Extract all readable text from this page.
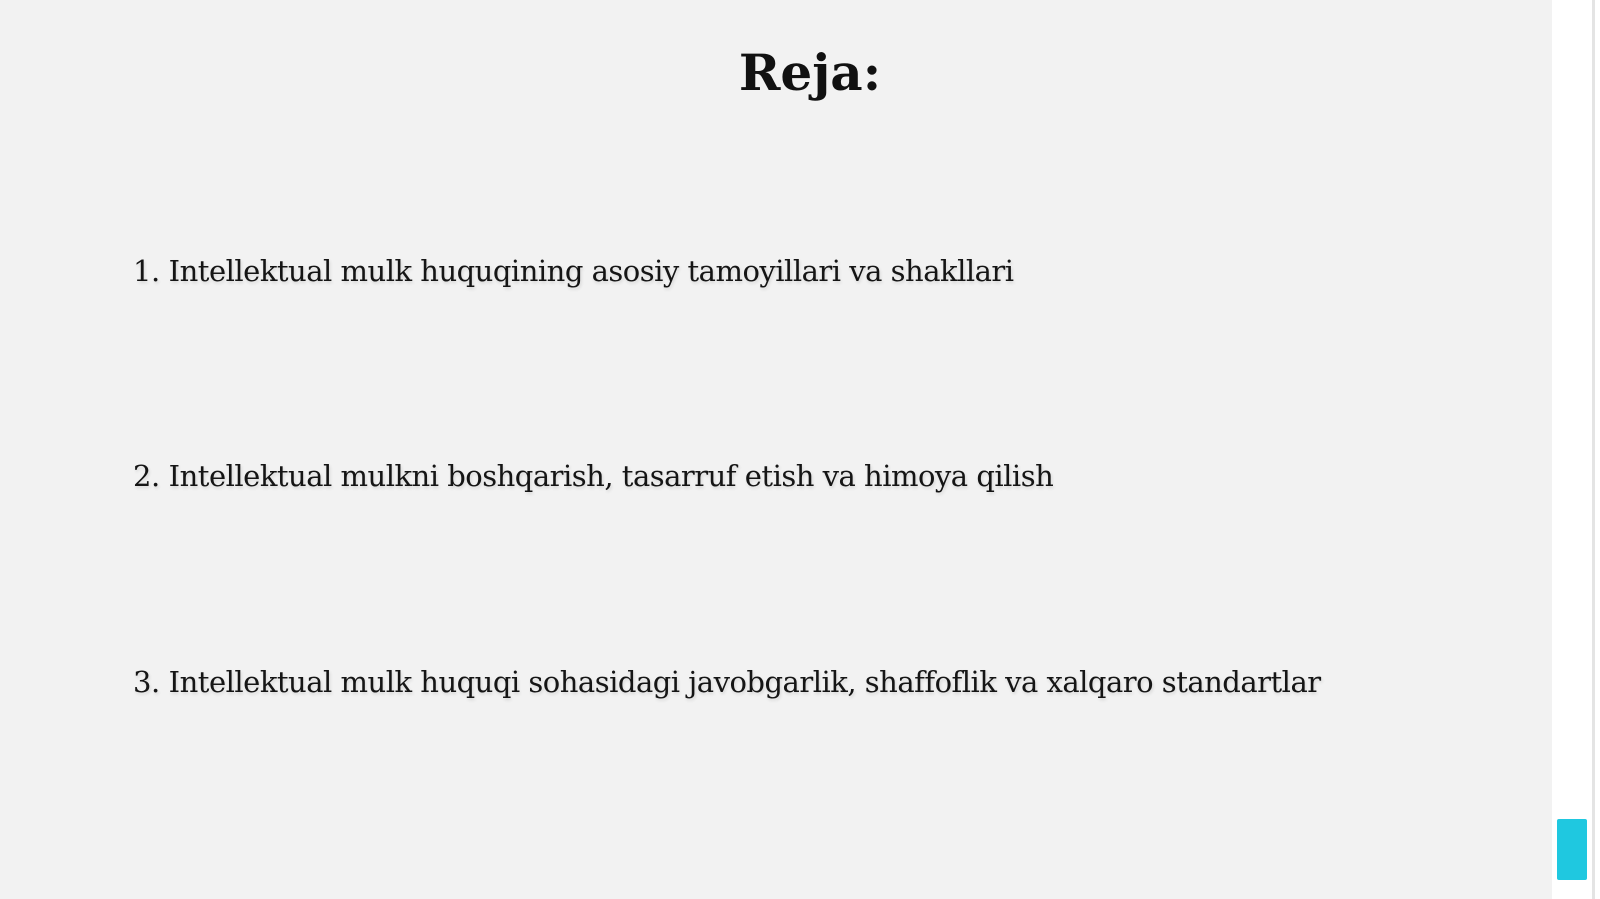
Reja:
1. Intellektual mulk huquqining asosiy tamoyillari va shakllari
2. Intellektual mulkni boshqarish, tasarruf etish va himoya qilish
3. Intellektual mulk huquqi sohasidagi javobgarlik, shaffoflik va xalqaro standartlar
